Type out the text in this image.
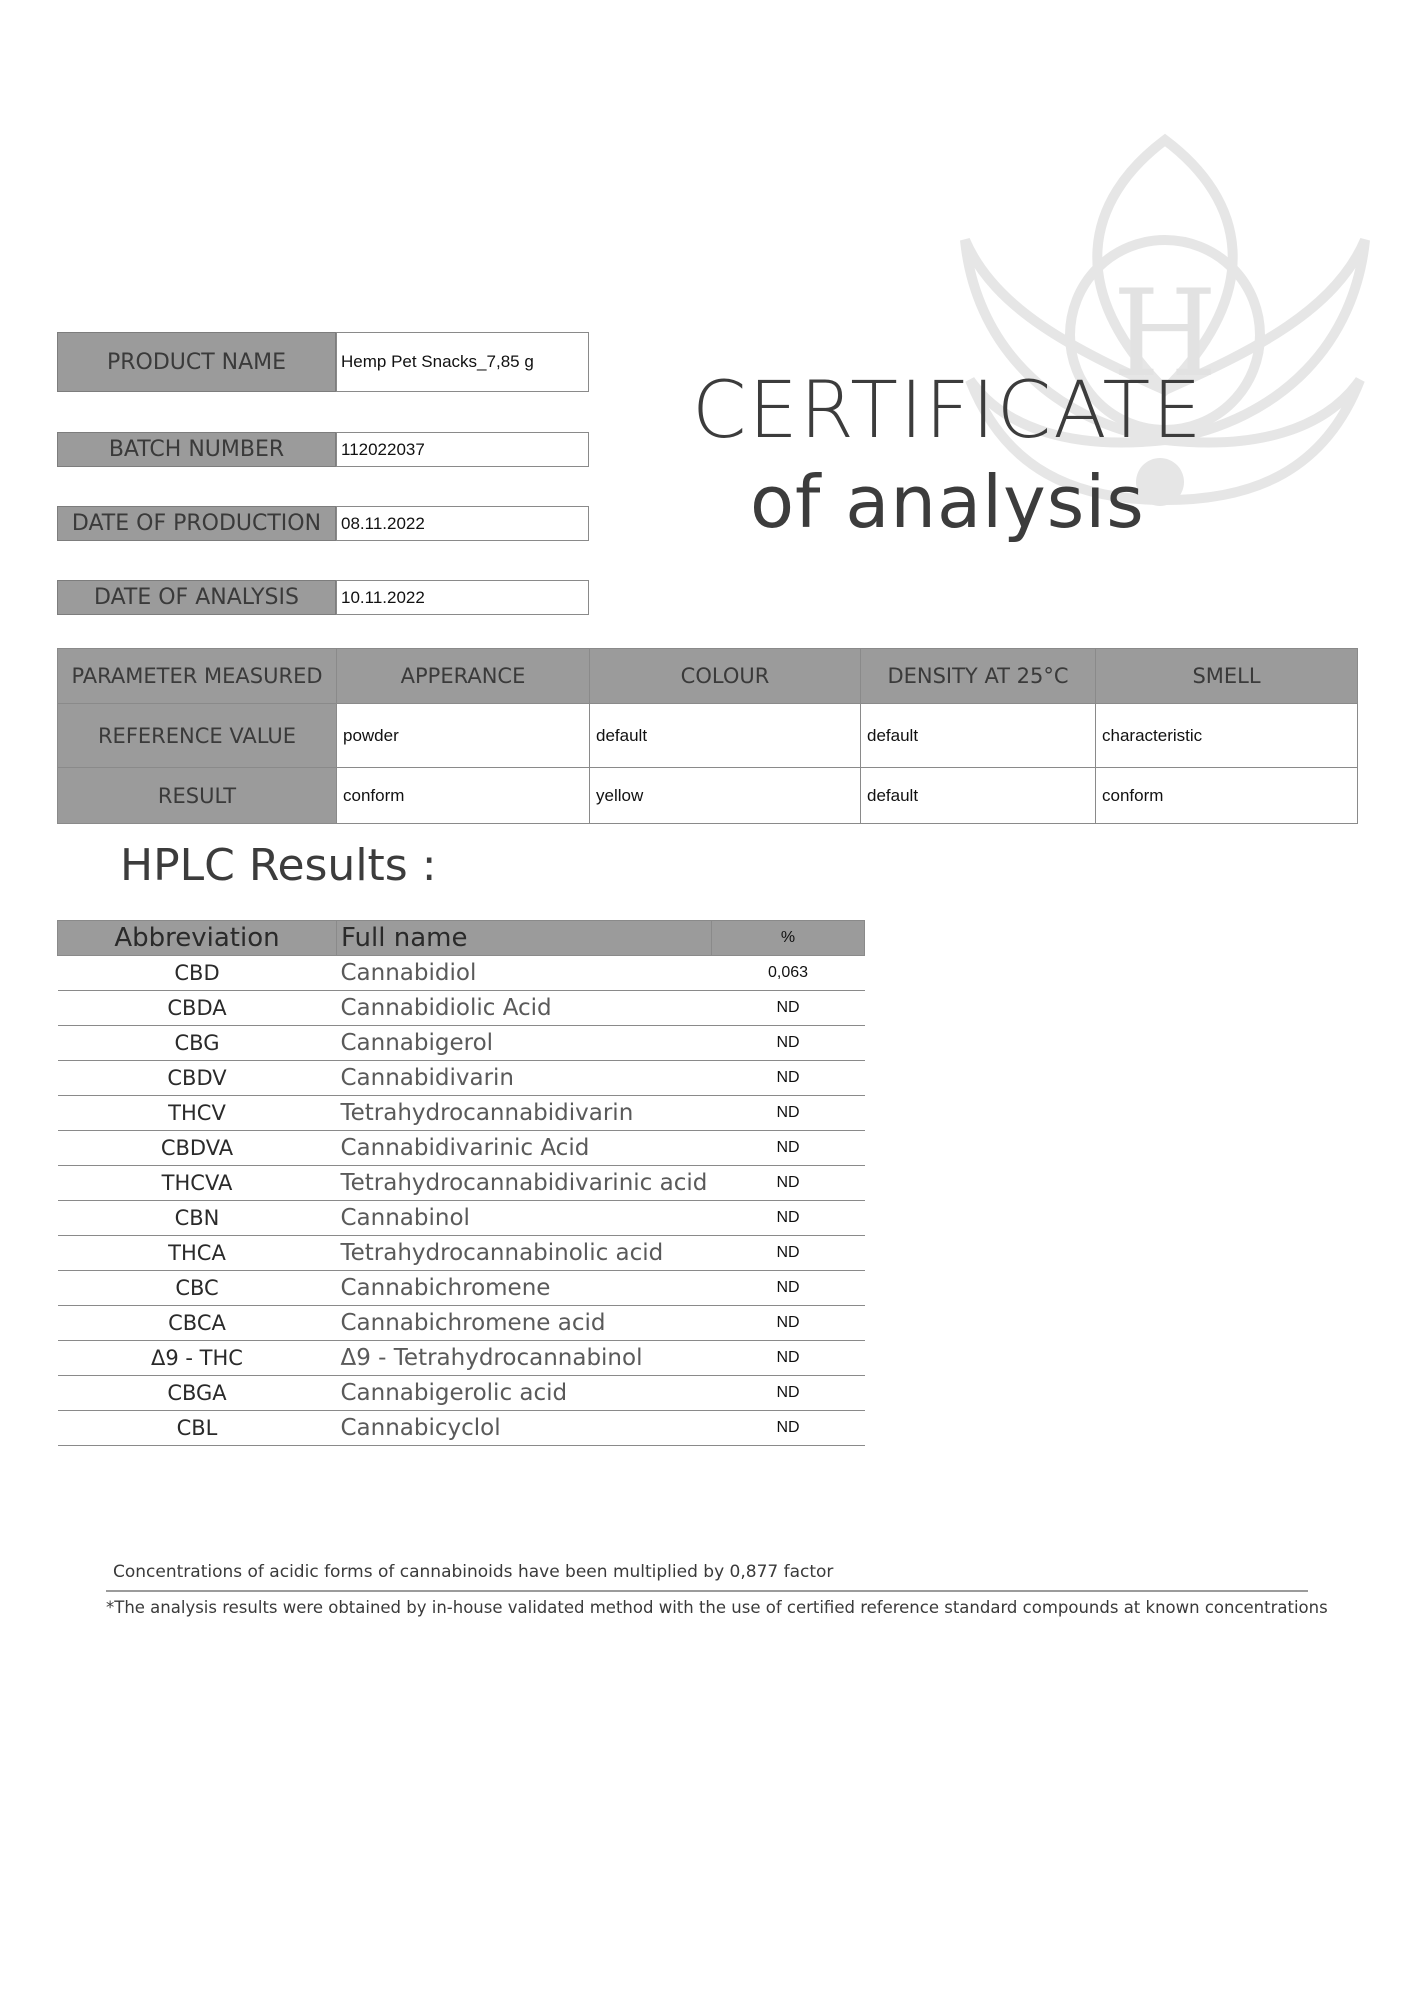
H
PRODUCT NAME	Hemp Pet Snacks_7,85 g
BATCH NUMBER	112022037
DATE OF PRODUCTION	08.11.2022
DATE OF ANALYSIS	10.11.2022
CERTIFICATE
of analysis
PARAMETER MEASURED	APPERANCE	COLOUR	DENSITY AT 25°C	SMELL
REFERENCE VALUE	powder	default	default	characteristic
RESULT	conform	yellow	default	conform
HPLC Results :
Abbreviation	Full name	%
CBD	Cannabidiol	0,063
CBDA	Cannabidiolic Acid	ND
CBG	Cannabigerol	ND
CBDV	Cannabidivarin	ND
THCV	Tetrahydrocannabidivarin	ND
CBDVA	Cannabidivarinic Acid	ND
THCVA	Tetrahydrocannabidivarinic acid	ND
CBN	Cannabinol	ND
THCA	Tetrahydrocannabinolic acid	ND
CBC	Cannabichromene	ND
CBCA	Cannabichromene acid	ND
Δ9 - THC	Δ9 - Tetrahydrocannabinol	ND
CBGA	Cannabigerolic acid	ND
CBL	Cannabicyclol	ND
Concentrations of acidic forms of cannabinoids have been multiplied by 0,877 factor
*The analysis results were obtained by in-house validated method with the use of certified reference standard compounds at known concentrations
